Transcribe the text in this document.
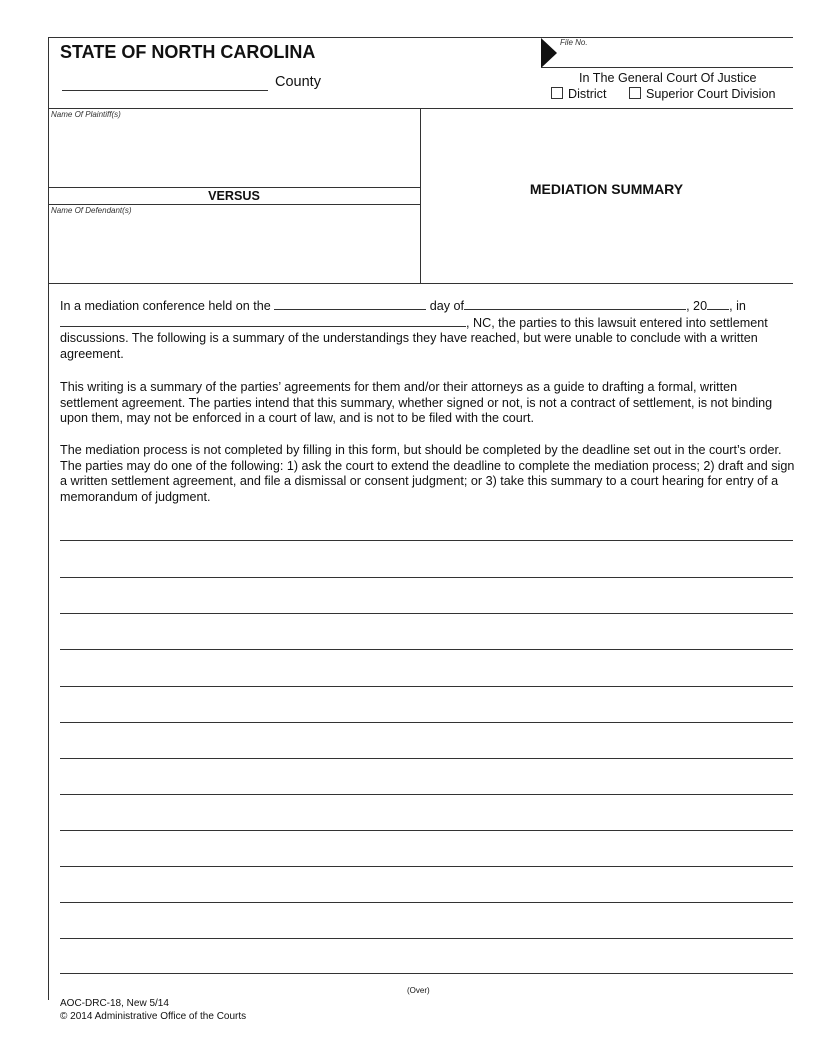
STATE OF NORTH CAROLINA
County
File No.
In The General Court Of Justice
District	Superior Court Division
Name Of Plaintiff(s)
VERSUS
Name Of Defendant(s)
MEDIATION SUMMARY
In a mediation conference held on the	day of	, 20 , in
, NC, the parties to this lawsuit entered into settlement discussions. The following is a summary of the understandings they have reached, but were unable to conclude with a written agreement.
This writing is a summary of the parties’ agreements for them and/or their attorneys as a guide to drafting a formal, written settlement agreement. The parties intend that this summary, whether signed or not, is not a contract of settlement, is not binding upon them, may not be enforced in a court of law, and is not to be filed with the court.
The mediation process is not completed by filling in this form, but should be completed by the deadline set out in the court’s order. The parties may do one of the following: 1) ask the court to extend the deadline to complete the mediation process; 2) draft and sign a written settlement agreement, and file a dismissal or consent judgment; or 3) take this summary to a court hearing for entry of a memorandum of judgment.
(Over)
AOC-DRC-18, New 5/14
© 2014 Administrative Office of the Courts
